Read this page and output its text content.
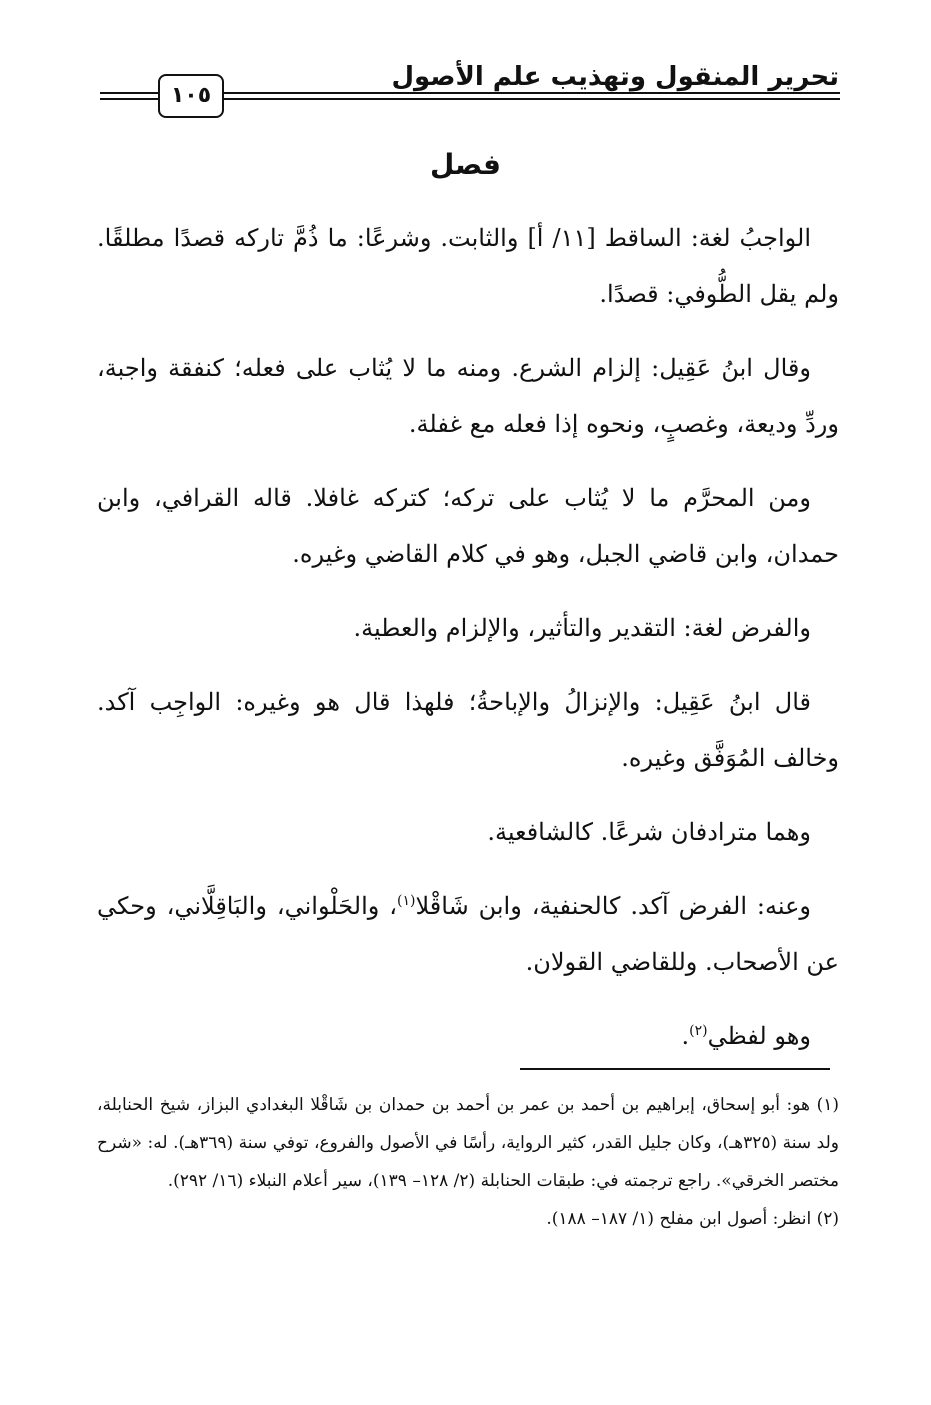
تحرير المنقول وتهذيب علم الأصول
١٠٥
فصل

الواجبُ لغة: الساقط [١١/ أ] والثابت. وشرعًا: ما ذُمَّ تاركه قصدًا مطلقًا. ولم يقل الطُّوفي: قصدًا.

وقال ابنُ عَقِيل: إلزام الشرع. ومنه ما لا يُثاب على فعله؛ كنفقة واجبة، وردِّ وديعة، وغصبٍ، ونحوه إذا فعله مع غفلة.

ومن المحرَّم ما لا يُثاب على تركه؛ كتركه غافلا. قاله القرافي، وابن حمدان، وابن قاضي الجبل، وهو في كلام القاضي وغيره.

والفرض لغة: التقدير والتأثير، والإلزام والعطية.

قال ابنُ عَقِيل: والإنزالُ والإباحةُ؛ فلهذا قال هو وغيره: الواجِب آكد. وخالف المُوَفَّق وغيره.

وهما مترادفان شرعًا. كالشافعية.

وعنه: الفرض آكد. كالحنفية، وابن شَاقْلا$^{(١)}$، والحَلْواني، والبَاقِلَّاني، وحكي عن الأصحاب. وللقاضي القولان.

وهو لفظي$^{(٢)}$.

(١) هو: أبو إسحاق، إبراهيم بن أحمد بن عمر بن أحمد بن حمدان بن شَاقْلا البغدادي البزاز، شيخ الحنابلة، ولد سنة (٣٢٥هـ)، وكان جليل القدر، كثير الرواية، رأسًا في الأصول والفروع، توفي سنة (٣٦٩هـ). له: «شرح مختصر الخرقي». راجع ترجمته في: طبقات الحنابلة (٢/ ١٢٨– ١٣٩)، سير أعلام النبلاء (١٦/ ٢٩٢).

(٢) انظر: أصول ابن مفلح (١/ ١٨٧– ١٨٨).
